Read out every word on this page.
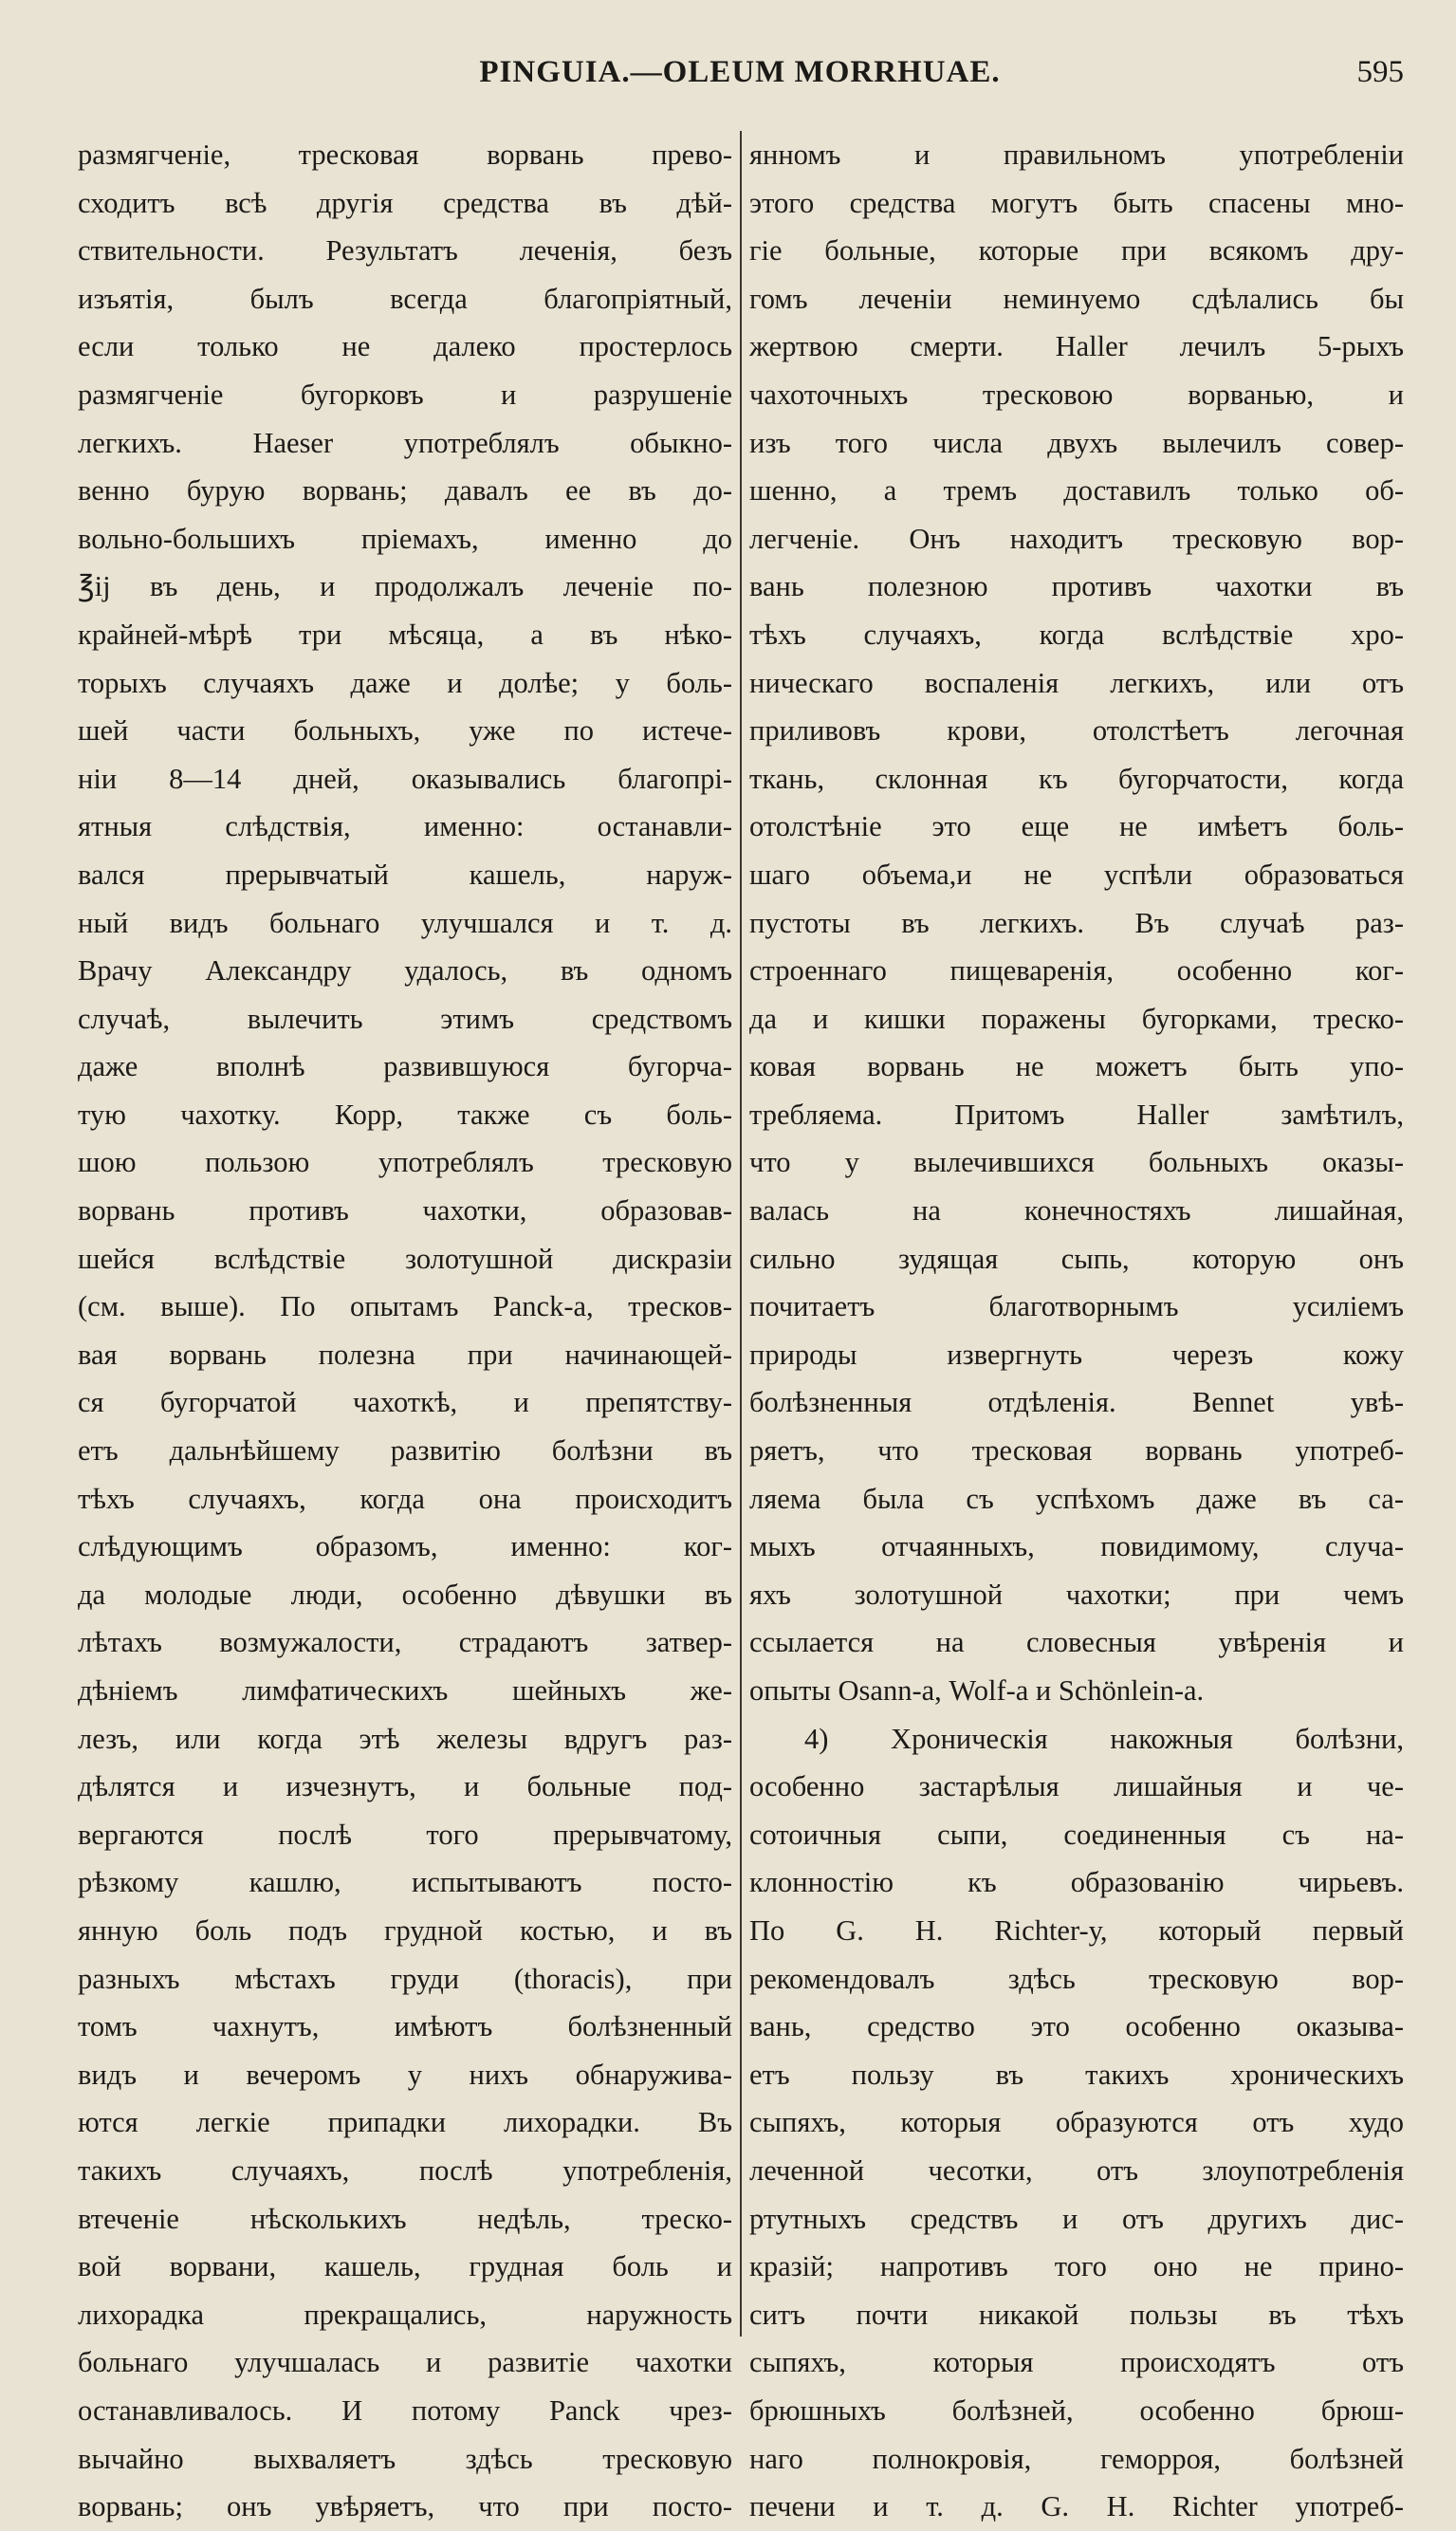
PINGUIA.—OLEUM MORRHUAE.	595
размягченіе, тресковая ворвань превo-
сходитъ всѣ другія средства въ дѣй-
ствительности. Результатъ леченія, безъ
изъятія, былъ всегда благопріятный,
если только не далеко простерлось
размягченіе бугорковъ и разрушеніе
легкихъ. Haeser употреблялъ обыкно-
венно бурую ворвань; давалъ ее въ до-
вольно-большихъ пріемахъ, именно до
℥ij въ день, и продолжалъ леченіе по-
крайней-мѣрѣ три мѣсяца, а въ нѣко-
торыхъ случаяхъ даже и долѣе; у боль-
шей части больныхъ, уже по истече-
ніи 8—14 дней, оказывались благопрі-
ятныя слѣдствія, именно: останавли-
вался прерывчатый кашель, наруж-
ный видъ больнаго улучшался и т. д.
Врачу Александру удалось, въ одномъ
случаѣ, вылечить этимъ средствомъ
даже вполнѣ развившуюся бугорча-
тую чахотку. Корр, также съ боль-
шою пользою употреблялъ тресковую
ворвань противъ чахотки, образовав-
шейся вслѣдствіе золотушной дискразіи
(см. выше). По опытамъ Panck-а, тресков-
вая ворвань полезна при начинающей-
ся бугорчатой чахоткѣ, и препятству-
етъ дальнѣйшему развитію болѣзни въ
тѣхъ случаяхъ, когда она происходитъ
слѣдующимъ образомъ, именно: ког-
да молодые люди, особенно дѣвушки въ
лѣтахъ возмужалости, страдаютъ затвер-
дѣніемъ лимфатическихъ шейныхъ же-
лезъ, или когда этѣ железы вдругъ раз-
дѣлятся и изчезнутъ, и больные под-
вергаются послѣ того прерывчатому,
рѣзкому кашлю, испытываютъ посто-
янную боль подъ грудной костью, и въ
разныхъ мѣстахъ груди (thoracis), при
томъ чахнутъ, имѣютъ болѣзненный
видъ и вечеромъ у нихъ обнаружива-
ются легкіе припадки лихорадки. Въ
такихъ случаяхъ, послѣ употребленія,
втеченіе нѣсколькихъ недѣль, треско-
вой ворвани, кашель, грудная боль и
лихорадка прекращались, наружность
больнаго улучшалась и развитіе чахотки
останавливалось. И потому Panck чрез-
вычайно выхваляетъ здѣсь тресковую
ворвань; онъ увѣряетъ, что при посто-
янномъ и правильномъ употребленіи
этого средства могутъ быть спасены мно-
гіе больные, которые при всякомъ дру-
гомъ леченіи неминуемо сдѣлались бы
жертвою смерти. Haller лечилъ 5-рыхъ
чахоточныхъ тресковою ворванью, и
изъ того числа двухъ вылечилъ совер-
шенно, а тремъ доставилъ только об-
легченіе. Онъ находитъ тресковую вор-
вань полезною противъ чахотки въ
тѣхъ случаяхъ, когда вслѣдствіе хро-
ническаго воспаленія легкихъ, или отъ
приливовъ крови, отолстѣетъ легочная
ткань, склонная къ бугорчатости, когда
отолстѣніе это еще не имѣетъ боль-
шаго объема,и не успѣли образоваться
пустоты въ легкихъ. Въ случаѣ раз-
строеннаго пищеваренія, особенно ког-
да и кишки поражены бугорками, треско-
ковая ворвань не можетъ быть упо-
требляема. Притомъ Haller замѣтилъ,
что у вылечившихся больныхъ оказы-
валась на конечностяхъ лишайная,
сильно зудящая сыпь, которую онъ
почитаетъ благотворнымъ усиліемъ
природы извергнуть черезъ кожу
болѣзненныя отдѣленія. Bennet увѣ-
ряетъ, что тресковая ворвань употреб-
ляема была съ успѣхомъ даже въ са-
мыхъ отчаянныхъ, повидимому, случа-
яхъ золотушной чахотки; при чемъ
ссылается на словесныя увѣренія и
опыты Osann-а, Wolf-а и Schönlein-а.
4) Хроническія накожныя болѣзни,
особенно застарѣлыя лишайныя и че-
сотоичныя сыпи, соединенныя съ на-
клонностію къ образованію чирьевъ.
По G. H. Richter-у, который первый
рекомендовалъ здѣсь тресковую вор-
вань, средство это особенно оказыва-
етъ пользу въ такихъ хроническихъ
сыпяхъ, которыя образуются отъ худо
леченной чесотки, отъ злоупотребленія
ртутныхъ средствъ и отъ другихъ дис-
кразій; напротивъ того оно не прино-
ситъ почти никакой пользы въ тѣхъ
сыпяхъ, которыя происходятъ отъ
брюшныхъ болѣзней, особенно брюш-
наго полнокровія, геморроя, болѣзней
печени и т. д. G. H. Richter употреб-
